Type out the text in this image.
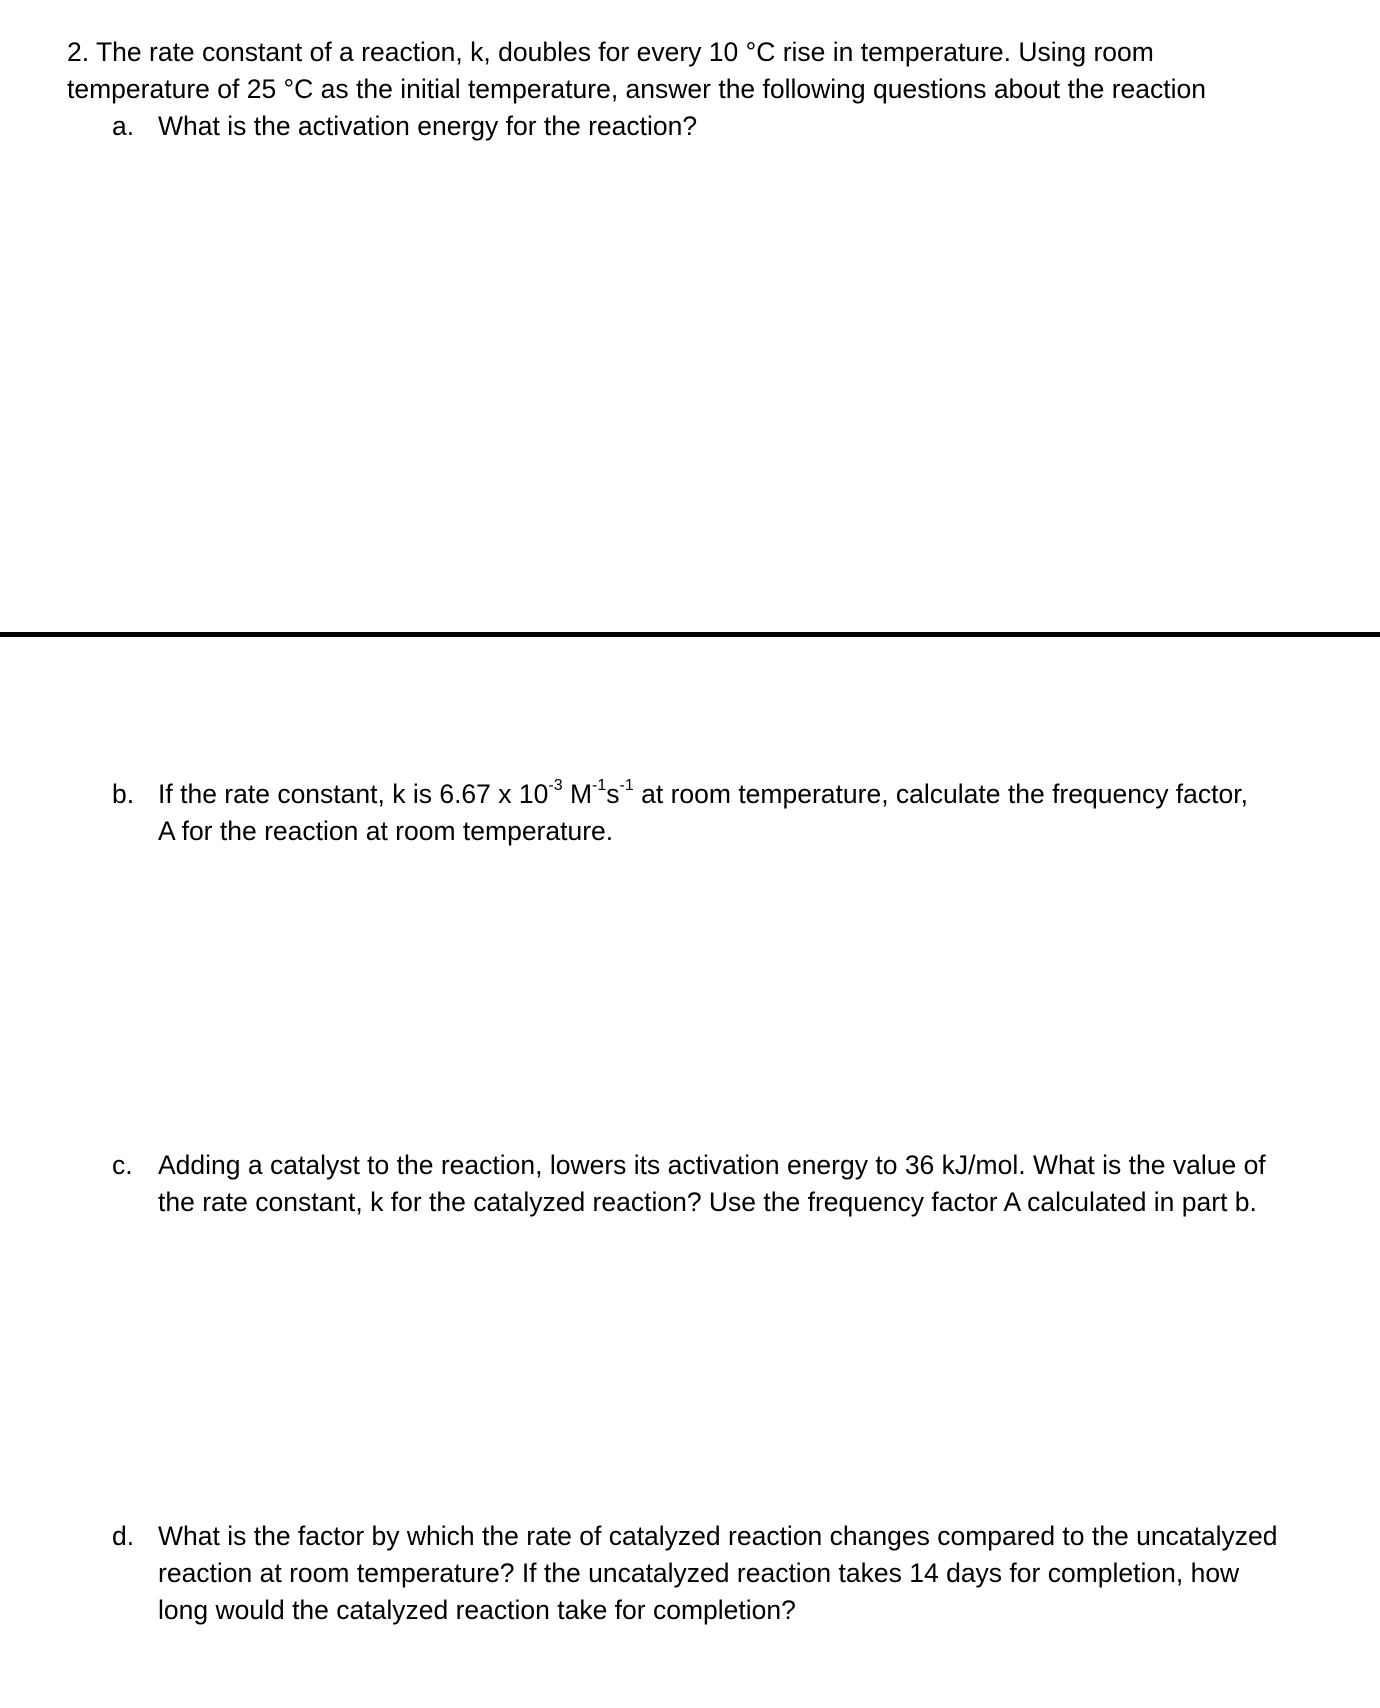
2. The rate constant of a reaction, k, doubles for every 10 °C rise in temperature. Using room
temperature of 25 °C as the initial temperature, answer the following questions about the reaction
a. What is the activation energy for the reaction?
b. If the rate constant, k is 6.67 x $10^{-3}$ $M^{-1}s^{-1}$ at room temperature, calculate the frequency factor,
A for the reaction at room temperature.
c. Adding a catalyst to the reaction, lowers its activation energy to 36 kJ/mol. What is the value of
the rate constant, k for the catalyzed reaction? Use the frequency factor A calculated in part b.
d. What is the factor by which the rate of catalyzed reaction changes compared to the uncatalyzed
reaction at room temperature? If the uncatalyzed reaction takes 14 days for completion, how
long would the catalyzed reaction take for completion?
